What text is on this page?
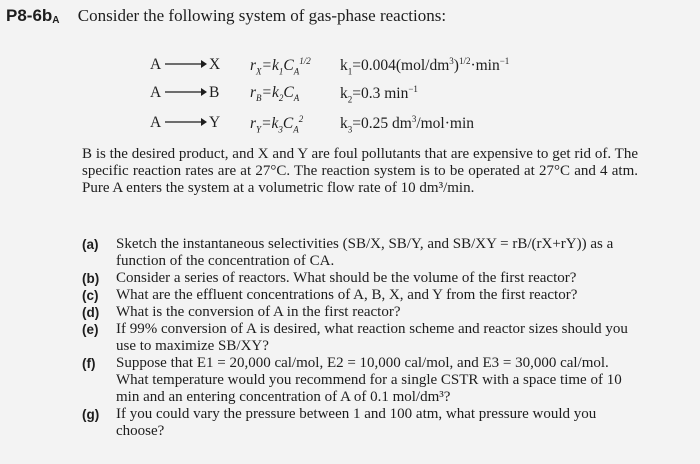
$P8-6b_A$ Consider the following system of gas-phase reactions:
A	X $r_X=k_1C_A^{1/2}$ $k_1=0.004(mol/dm^3)^{1/2}\cdot\min^{-1}$
A	B $r_B=k_2C_A$	$k_2=0.3$ $\min^{-1}$
A	Y $r_Y=k_3C_A^2$ $k_3=0.25$ $dm^3/mol\cdot\min$
B is the desired product, and X and Y are foul pollutants that are expensive to get rid of. The specific reaction rates are at 27°C. The reaction system is to be operated at 27°C and 4 atm. Pure A enters the system at a volumetric flow rate of 10 dm³/min.
(a)	Sketch the instantaneous selectivities (SB/X, SB/Y, and SB/XY = rB/(rX+rY)) as a function of the concentration of CA.
(b)	Consider a series of reactors. What should be the volume of the first reactor?
(c)	What are the effluent concentrations of A, B, X, and Y from the first reactor?
(d)	What is the conversion of A in the first reactor?
(e)	If 99% conversion of A is desired, what reaction scheme and reactor sizes should you use to maximize SB/XY?
(f)	Suppose that E1 = 20,000 cal/mol, E2 = 10,000 cal/mol, and E3 = 30,000 cal/mol. What temperature would you recommend for a single CSTR with a space time of 10 min and an entering concentration of A of 0.1 mol/dm³?
(g)	If you could vary the pressure between 1 and 100 atm, what pressure would you choose?
